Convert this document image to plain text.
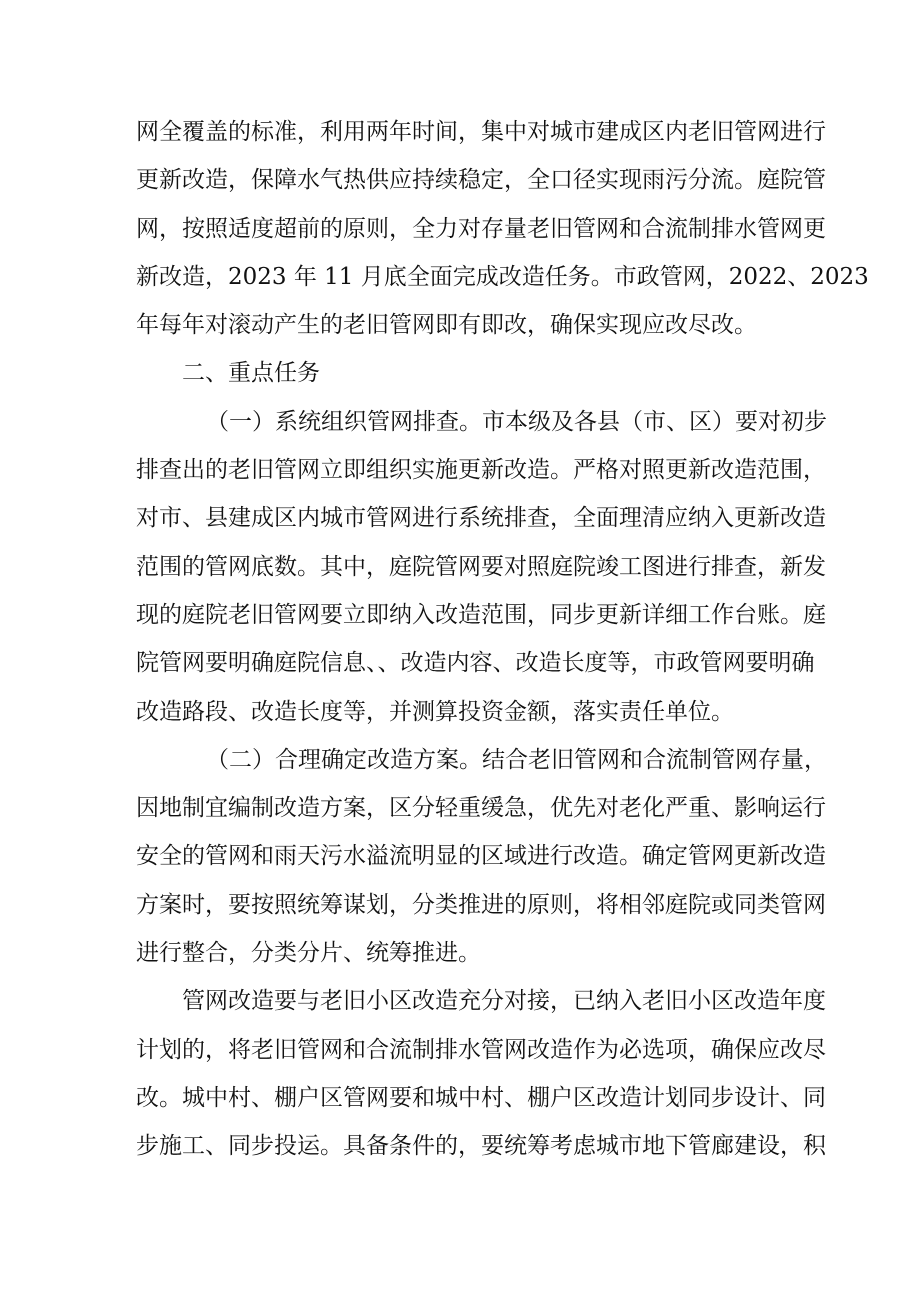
网全覆盖的标准，利用两年时间，集中对城市建成区内老旧管网进行
更新改造，保障水气热供应持续稳定，全口径实现雨污分流。庭院管
网，按照适度超前的原则，全力对存量老旧管网和合流制排水管网更
新改造，2023 年 11 月底全面完成改造任务。市政管网，2022、2023
年每年对滚动产生的老旧管网即有即改，确保实现应改尽改。
二、重点任务
（一）系统组织管网排查。市本级及各县（市、区）要对初步
排查出的老旧管网立即组织实施更新改造。严格对照更新改造范围，
对市、县建成区内城市管网进行系统排查，全面理清应纳入更新改造
范围的管网底数。其中，庭院管网要对照庭院竣工图进行排查，新发
现的庭院老旧管网要立即纳入改造范围，同步更新详细工作台账。庭
院管网要明确庭院信息、、改造内容、改造长度等，市政管网要明确
改造路段、改造长度等，并测算投资金额，落实责任单位。
（二）合理确定改造方案。结合老旧管网和合流制管网存量，
因地制宜编制改造方案，区分轻重缓急，优先对老化严重、影响运行
安全的管网和雨天污水溢流明显的区域进行改造。确定管网更新改造
方案时，要按照统筹谋划，分类推进的原则，将相邻庭院或同类管网
进行整合，分类分片、统筹推进。
管网改造要与老旧小区改造充分对接，已纳入老旧小区改造年度
计划的，将老旧管网和合流制排水管网改造作为必选项，确保应改尽
改。城中村、棚户区管网要和城中村、棚户区改造计划同步设计、同
步施工、同步投运。具备条件的，要统筹考虑城市地下管廊建设，积
